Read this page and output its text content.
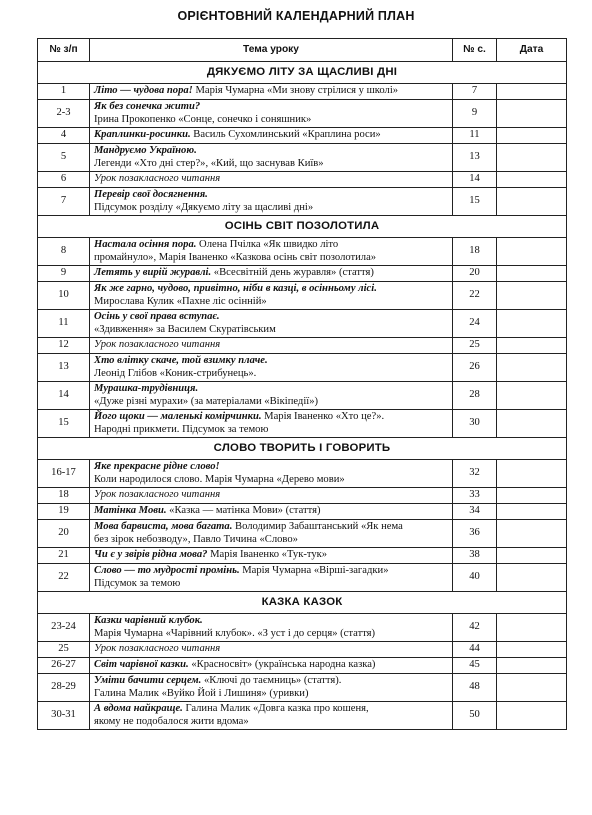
ОРІЄНТОВНИЙ КАЛЕНДАРНИЙ ПЛАН
№ з/п	Тема уроку	№ с.	Дата
ДЯКУЄМО ЛІТУ ЗА ЩАСЛИВІ ДНІ			
1	Літо — чудова пора! Марія Чумарна «Ми знову стрілися у школі»	7	
2-3	Як без сонечка жити?
Ірина Прокопенко «Сонце, сонечко і соняшник»	9	
4	Краплинки-росинки. Василь Сухомлинський «Краплина роси»	11	
5	Мандруємо Україною.
Легенди «Хто дні стер?», «Кий, що заснував Київ»	13	
6	Урок позакласного читання	14	
7	Перевір свої досягнення.
Підсумок розділу «Дякуємо літу за щасливі дні»	15	
ОСІНЬ СВІТ ПОЗОЛОТИЛА			
8	Настала осіння пора. Олена Пчілка «Як швидко літо
промайнуло», Марія Іваненко «Казкова осінь світ позолотила»	18	
9	Летять у вирій журавлі. «Всесвітній день журавля» (стаття)	20	
10	Як же гарно, чудово, привітно, ніби в казці, в осінньому лісі.
Мирослава Кулик «Пахне ліс осінній»	22	
11	Осінь у свої права вступає.
«Здивження» за Василем Скуратівським	24	
12	Урок позакласного читання	25	
13	Хто влітку скаче, той взимку плаче.
Леонід Глібов «Коник-стрибунець».	26	
14	Мурашка-трудівниця.
«Дуже різні мурахи» (за матеріалами «Вікіпедії»)	28	
15	Його щоки — маленькі комірчинки. Марія Іваненко «Хто це?».
Народні прикмети. Підсумок за темою	30	
СЛОВО ТВОРИТЬ І ГОВОРИТЬ			
16-17	Яке прекрасне рідне слово!
Коли народилося слово. Марія Чумарна «Дерево мови»	32	
18	Урок позакласного читання	33	
19	Матінка Мови. «Казка — матінка Мови» (стаття)	34	
20	Мова барвиста, мова багата. Володимир Забаштанський «Як нема
без зірок небозводу», Павло Тичина «Слово»	36	
21	Чи є у звірів рідна мова? Марія Іваненко «Тук-тук»	38	
22	Слово — то мудрості промінь. Марія Чумарна «Вірші-загадки»
Підсумок за темою	40	
КАЗКА КАЗОК			
23-24	Казки чарівний клубок.
Марія Чумарна «Чарівний клубок». «З уст і до серця» (стаття)	42	
25	Урок позакласного читання	44	
26-27	Світ чарівної казки. «Красносвіт» (українська народна казка)	45	
28-29	Уміти бачити серцем. «Ключі до таємниць» (стаття).
Галина Малик «Вуйко Йой і Лишиня» (уривки)	48	
30-31	А вдома найкраще. Галина Малик «Довга казка про кошеня,
якому не подобалося жити вдома»	50	
